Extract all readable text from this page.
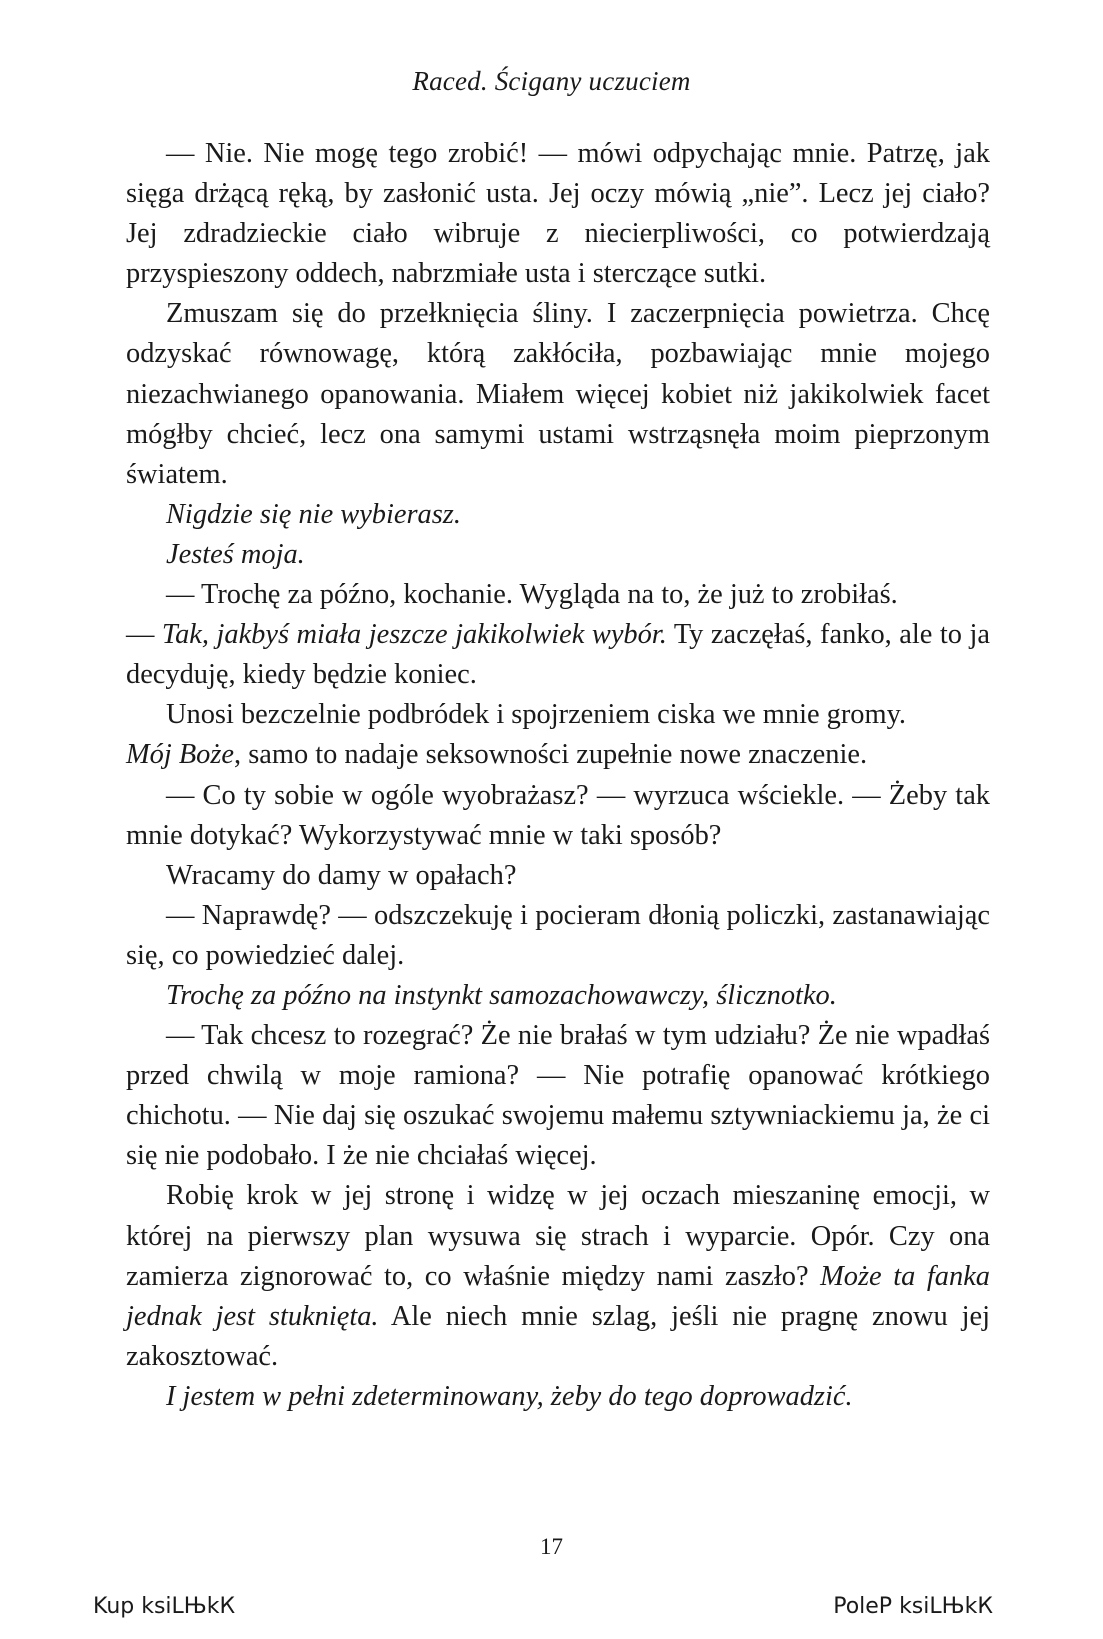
Raced. Ścigany uczuciem

— Nie. Nie mogę tego zrobić! — mówi odpychając mnie. Patrzę, jak sięga drżącą ręką, by zasłonić usta. Jej oczy mówią „nie”. Lecz jej ciało? Jej zdradzieckie ciało wibruje z niecierpliwości, co potwierdzają przyspieszony oddech, nabrzmiałe usta i sterczące sutki.

Zmuszam się do przełknięcia śliny. I zaczerpnięcia powietrza. Chcę odzyskać równowagę, którą zakłóciła, pozbawiając mnie mojego niezachwianego opanowania. Miałem więcej kobiet niż jakikolwiek facet mógłby chcieć, lecz ona samymi ustami wstrząsnęła moim pieprzonym światem.

Nigdzie się nie wybierasz.

Jesteś moja.

— Trochę za późno, kochanie. Wygląda na to, że już to zrobiłaś.

— Tak, jakbyś miała jeszcze jakikolwiek wybór. Ty zaczęłaś, fanko, ale to ja decyduję, kiedy będzie koniec.

Unosi bezczelnie podbródek i spojrzeniem ciska we mnie gromy.

Mój Boże, samo to nadaje seksowności zupełnie nowe znaczenie.

— Co ty sobie w ogóle wyobrażasz? — wyrzuca wściekle. — Żeby tak mnie dotykać? Wykorzystywać mnie w taki sposób?

Wracamy do damy w opałach?

— Naprawdę? — odszczekuję i pocieram dłonią policzki, zastanawiając się, co powiedzieć dalej.

Trochę za późno na instynkt samozachowawczy, ślicznotko.

— Tak chcesz to rozegrać? Że nie brałaś w tym udziału? Że nie wpadłaś przed chwilą w moje ramiona? — Nie potrafię opanować krótkiego chichotu. — Nie daj się oszukać swojemu małemu sztywniackiemu ja, że ci się nie podobało. I że nie chciałaś więcej.

Robię krok w jej stronę i widzę w jej oczach mieszaninę emocji, w której na pierwszy plan wysuwa się strach i wyparcie. Opór. Czy ona zamierza zignorować to, co właśnie między nami zaszło? Może ta fanka jednak jest stuknięta. Ale niech mnie szlag, jeśli nie pragnę znowu jej zakosztować.

I jestem w pełni zdeterminowany, żeby do tego doprowadzić.

17
Kup ksiLЊkК	PoleР ksiLЊkК
